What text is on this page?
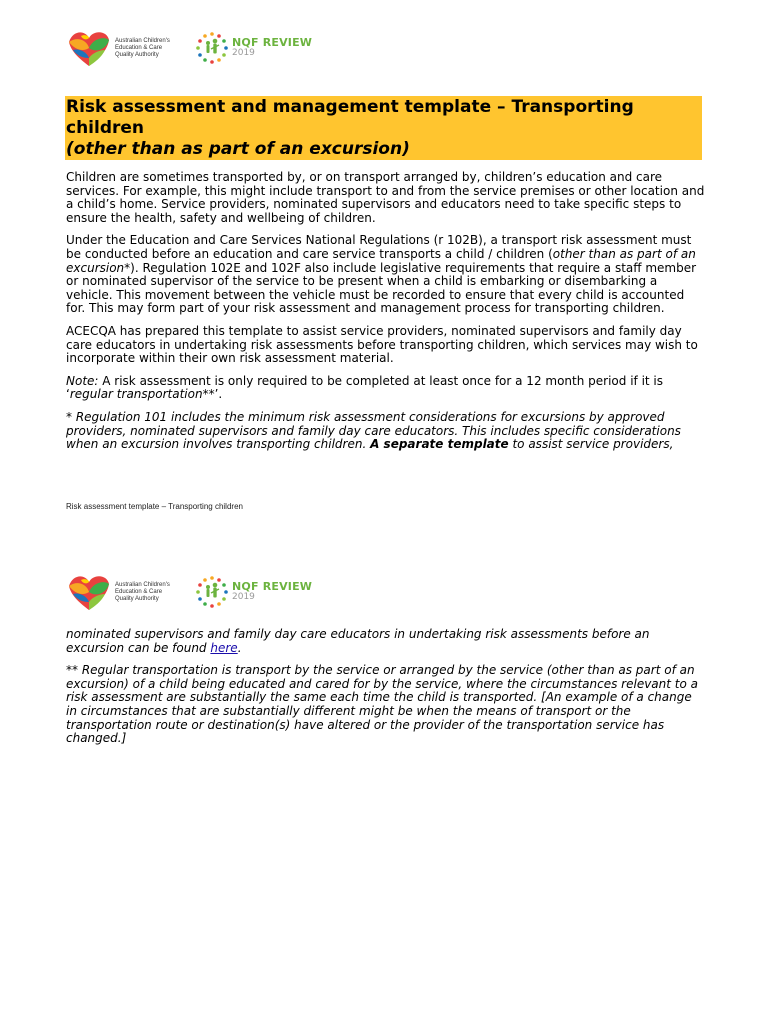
Australian Children's
Education & Care
Quality Authority
NQF REVIEW
2019

Risk assessment and management template – Transporting children

(other than as part of an excursion)

Children are sometimes transported by, or on transport arranged by, children’s education and care services. For example, this might include transport to and from the service premises or other location and a child’s home. Service providers, nominated supervisors and educators need to take specific steps to ensure the health, safety and wellbeing of children.

Under the Education and Care Services National Regulations (r 102B), a transport risk assessment must be conducted before an education and care service transports a child / children (other than as part of an excursion*). Regulation 102E and 102F also include legislative requirements that require a staff member or nominated supervisor of the service to be present when a child is embarking or disembarking a vehicle. This movement between the vehicle must be recorded to ensure that every child is accounted for. This may form part of your risk assessment and management process for transporting children.

ACECQA has prepared this template to assist service providers, nominated supervisors and family day care educators in undertaking risk assessments before transporting children, which services may wish to incorporate within their own risk assessment material.

Note: A risk assessment is only required to be completed at least once for a 12 month period if it is ‘regular transportation**’.

* Regulation 101 includes the minimum risk assessment considerations for excursions by approved providers, nominated supervisors and family day care educators. This includes specific considerations when an excursion involves transporting children. A separate template to assist service providers,

Risk assessment template – Transporting children
Australian Children's
Education & Care
Quality Authority
NQF REVIEW
2019

nominated supervisors and family day care educators in undertaking risk assessments before an excursion can be found here.

** Regular transportation is transport by the service or arranged by the service (other than as part of an excursion) of a child being educated and cared for by the service, where the circumstances relevant to a risk assessment are substantially the same each time the child is transported. [An example of a change in circumstances that are substantially different might be when the means of transport or the transportation route or destination(s) have altered or the provider of the transportation service has changed.]
